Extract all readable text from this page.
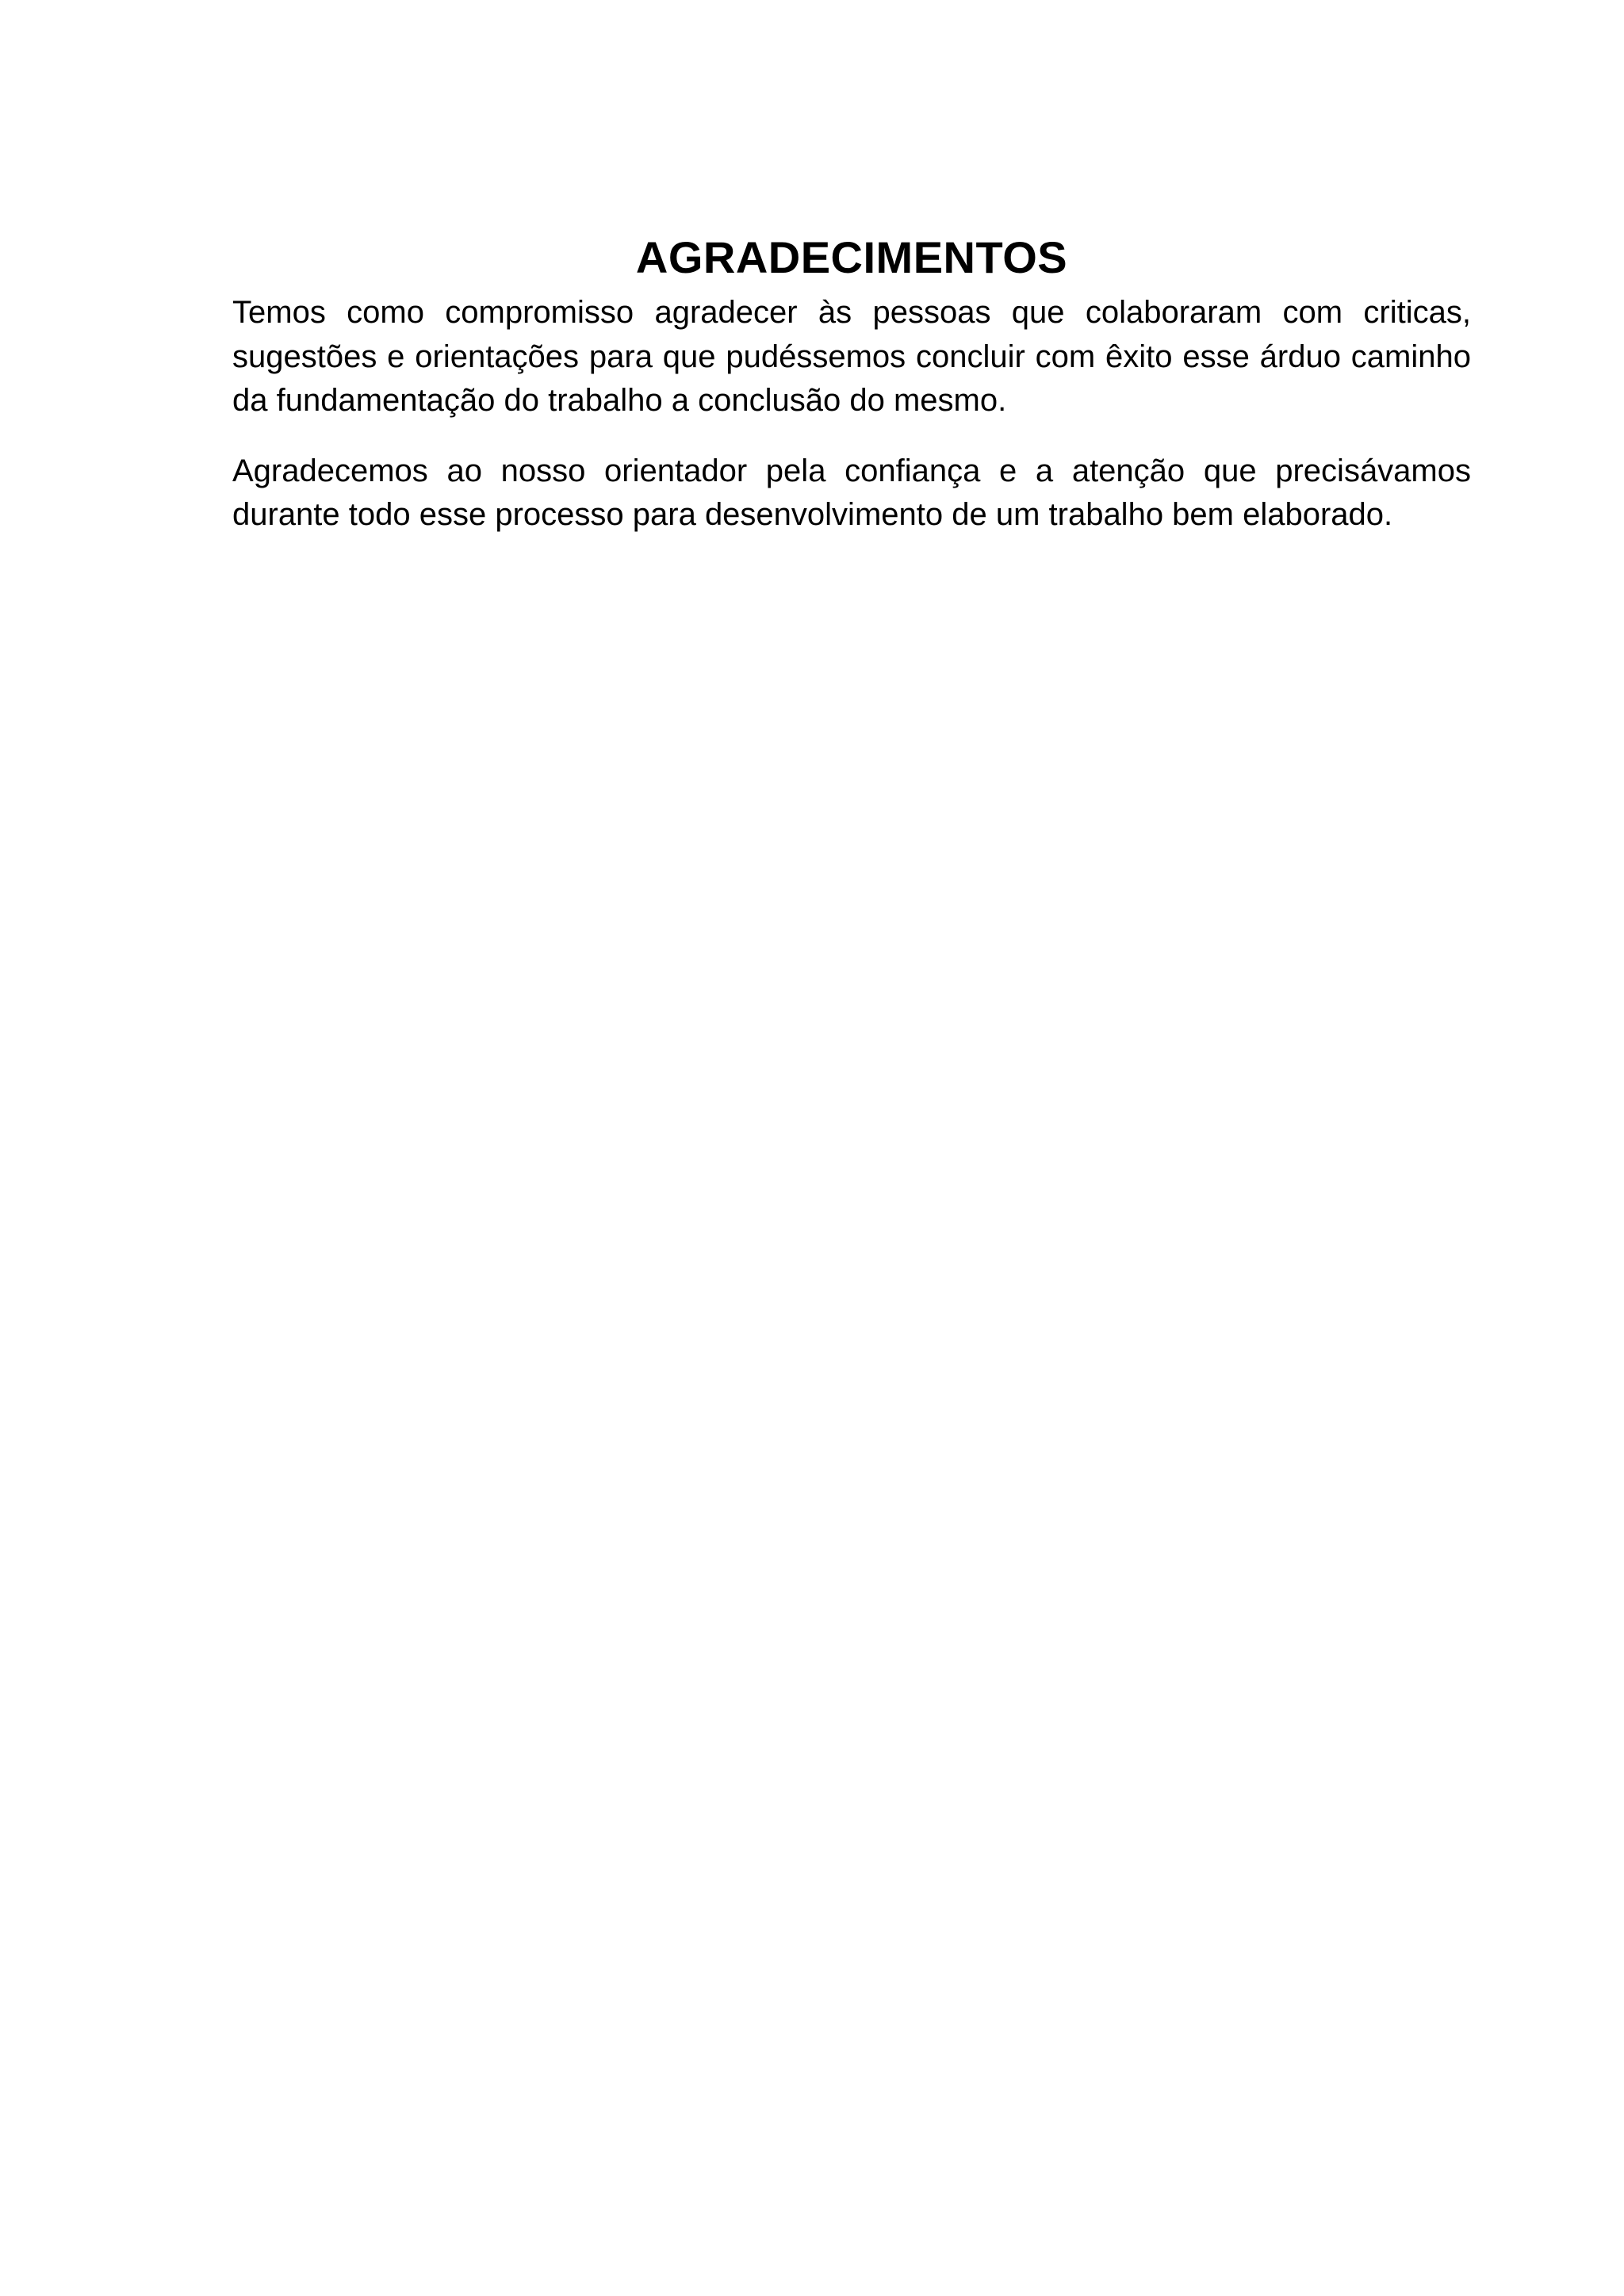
AGRADECIMENTOS

Temos como compromisso agradecer às pessoas que colaboraram com criticas, sugestões e orientações para que pudéssemos concluir com êxito esse árduo caminho da fundamentação do trabalho a conclusão do mesmo.

Agradecemos ao nosso orientador pela confiança e a atenção que precisávamos durante todo esse processo para desenvolvimento de um trabalho bem elaborado.
